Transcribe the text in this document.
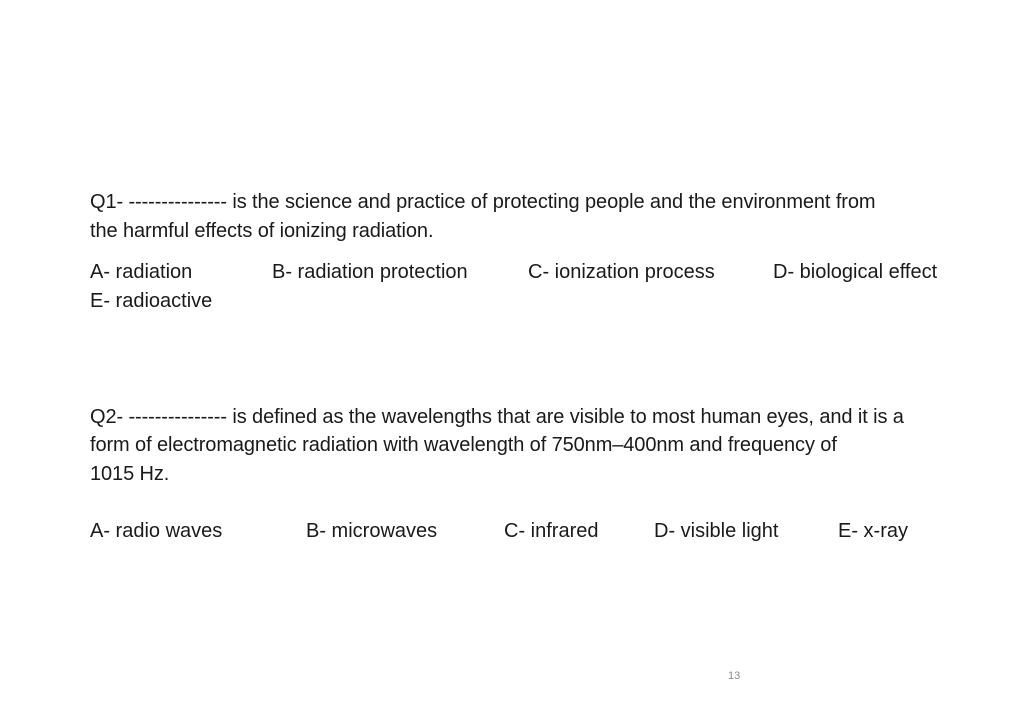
Q1- --------------- is the science and practice of protecting people and the environment from
the harmful effects of ionizing radiation.
A- radiation	B- radiation protection	C- ionization process	D- biological effect
E- radioactive
Q2- --------------- is defined as the wavelengths that are visible to most human eyes, and it is a
form of electromagnetic radiation with wavelength of 750nm–400nm and frequency of
1015 Hz.
A- radio waves	B- microwaves	C- infrared	D- visible light	E- x-ray
13
